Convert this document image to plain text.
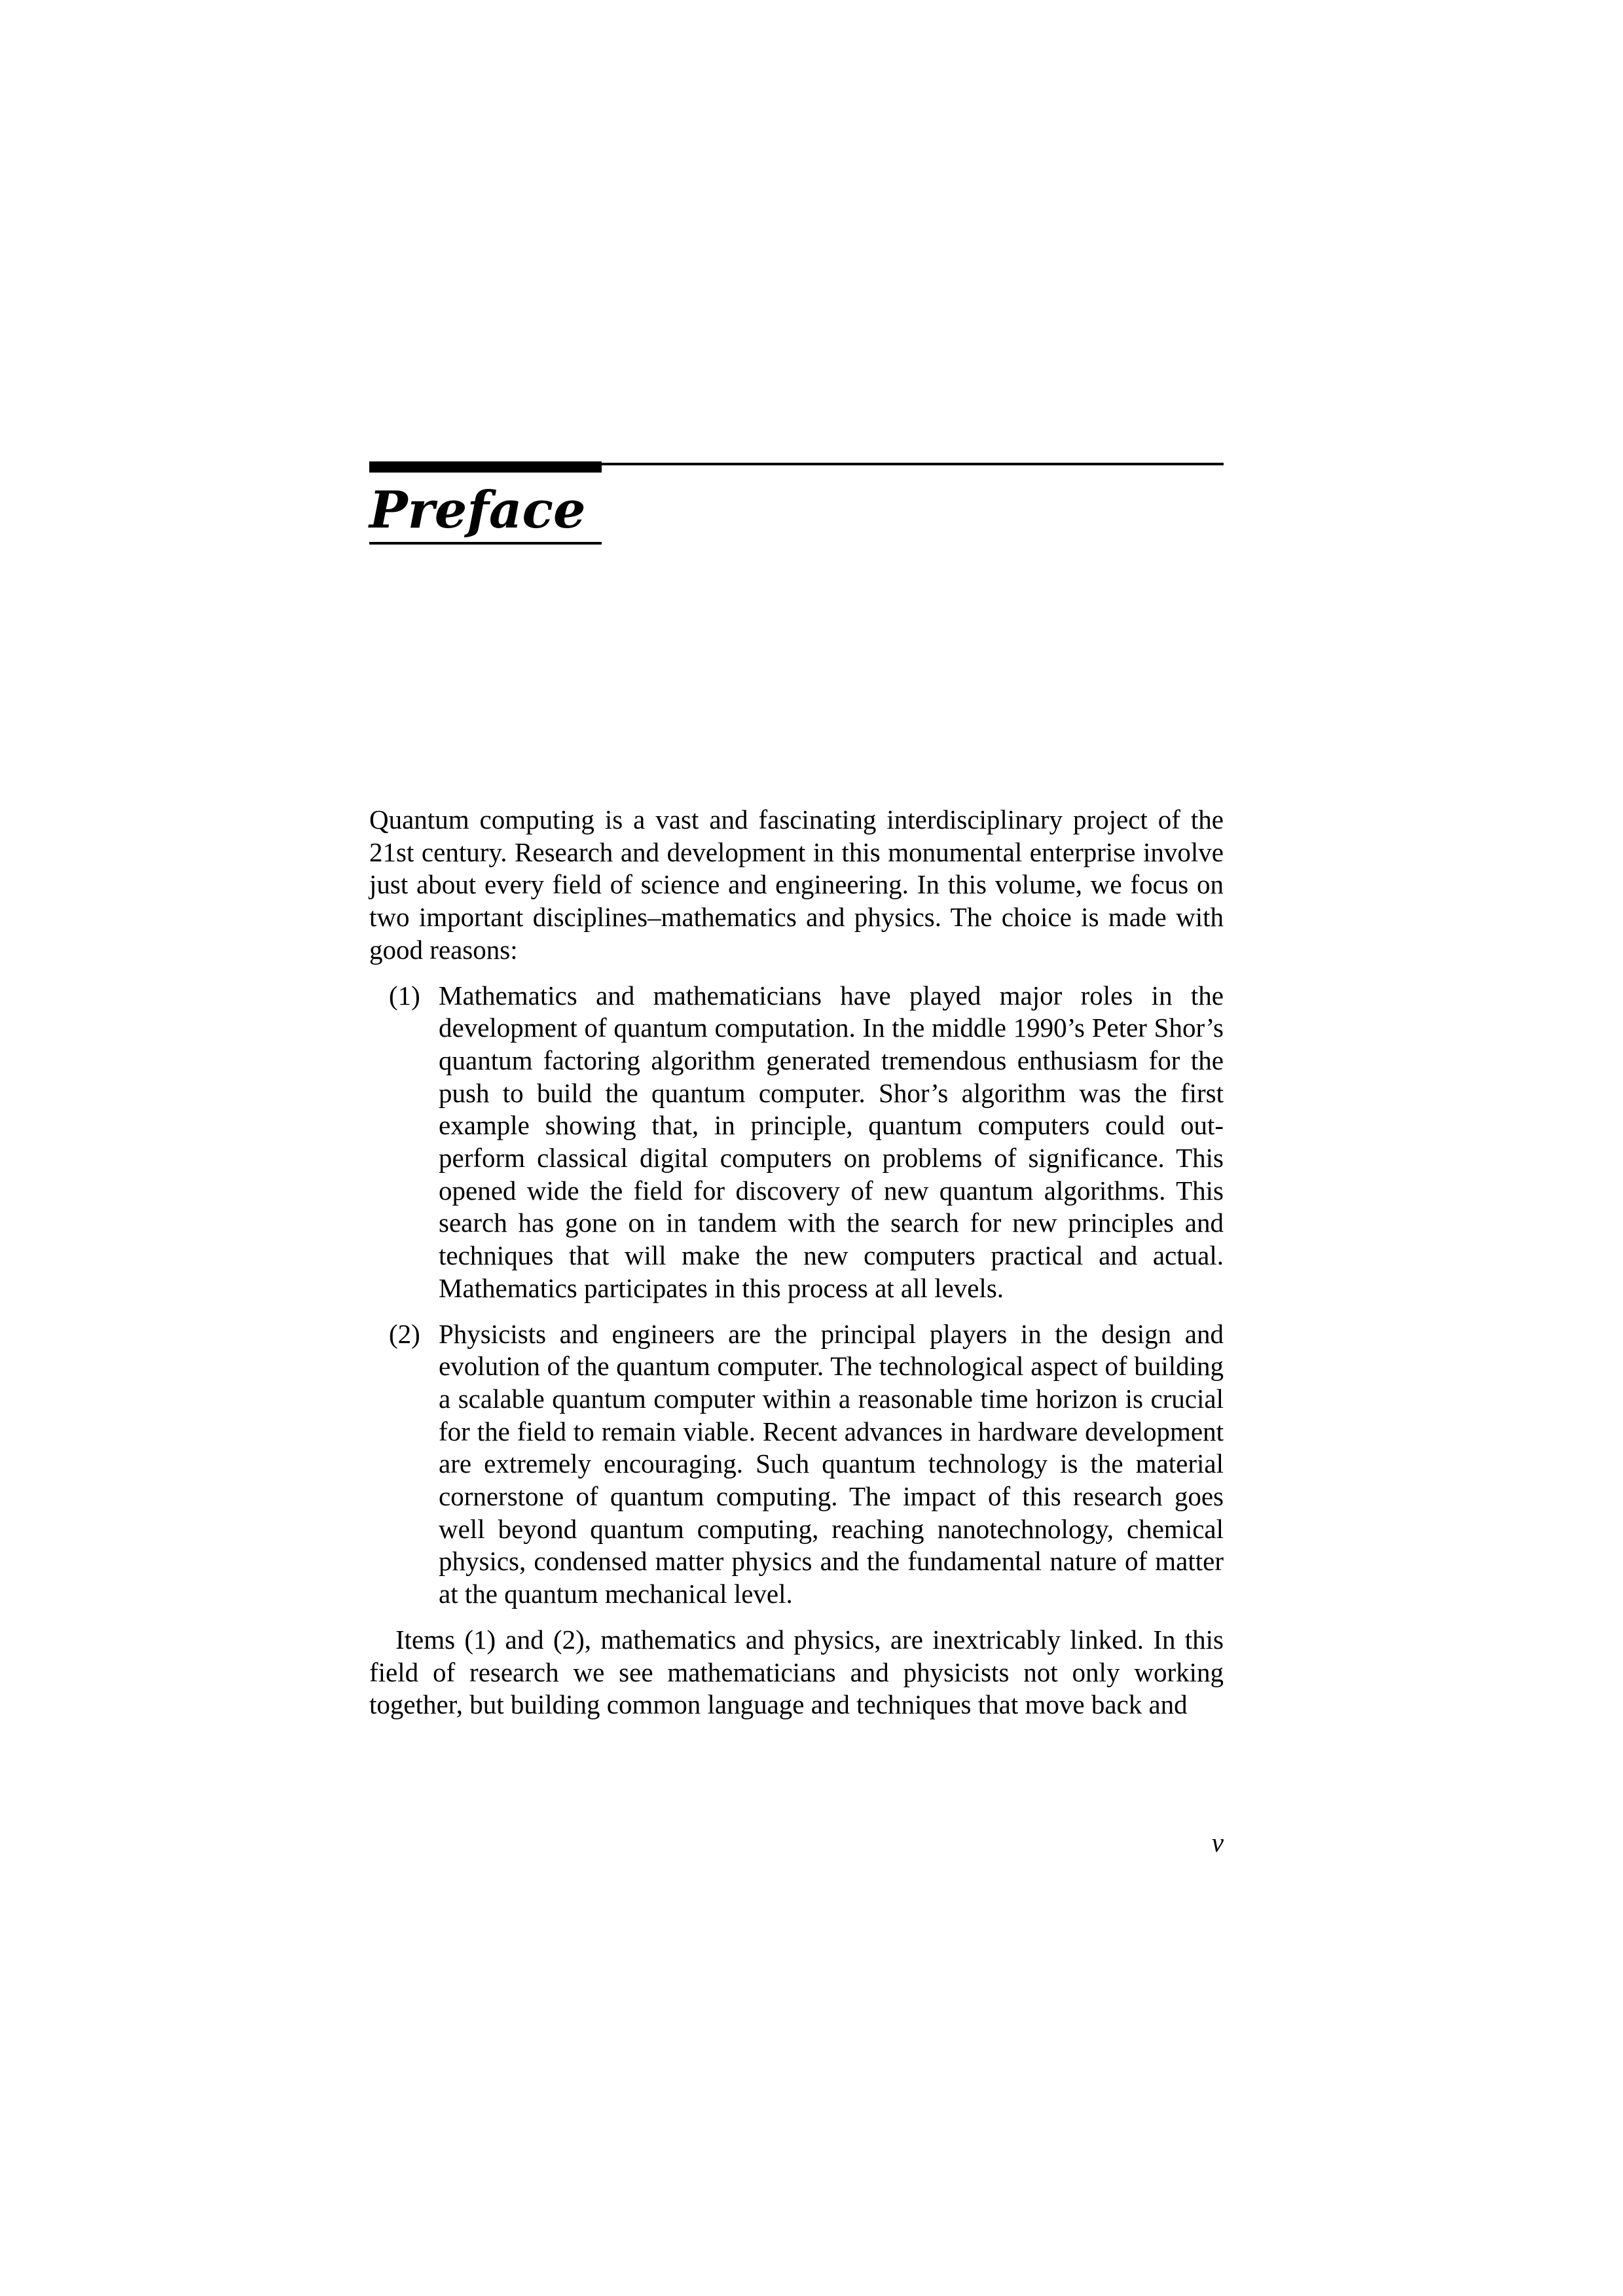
Preface

Quantum computing is a vast and fascinating interdisciplinary project of the 21st century. Research and development in this monumental enterprise involve just about every field of science and engineering. In this volume, we focus on two important disciplines–mathematics and physics. The choice is made with good reasons:

(1) Mathematics and mathematicians have played major roles in the development of quantum computation. In the middle 1990’s Peter Shor’s quantum factoring algorithm generated tremendous enthusiasm for the push to build the quantum computer. Shor’s algorithm was the first example showing that, in principle, quantum computers could out-perform classical digital computers on problems of significance. This opened wide the field for discovery of new quantum algorithms. This search has gone on in tandem with the search for new principles and techniques that will make the new computers practical and actual. Mathematics participates in this process at all levels.

(2) Physicists and engineers are the principal players in the design and evolution of the quantum computer. The technological aspect of building a scalable quantum computer within a reasonable time horizon is crucial for the field to remain viable. Recent advances in hardware development are extremely encouraging. Such quantum technology is the material cornerstone of quantum computing. The impact of this research goes well beyond quantum computing, reaching nanotechnology, chemical physics, condensed matter physics and the fundamental nature of matter at the quantum mechanical level.

Items (1) and (2), mathematics and physics, are inextricably linked. In this field of research we see mathematicians and physicists not only working together, but building common language and techniques that move back and

v
